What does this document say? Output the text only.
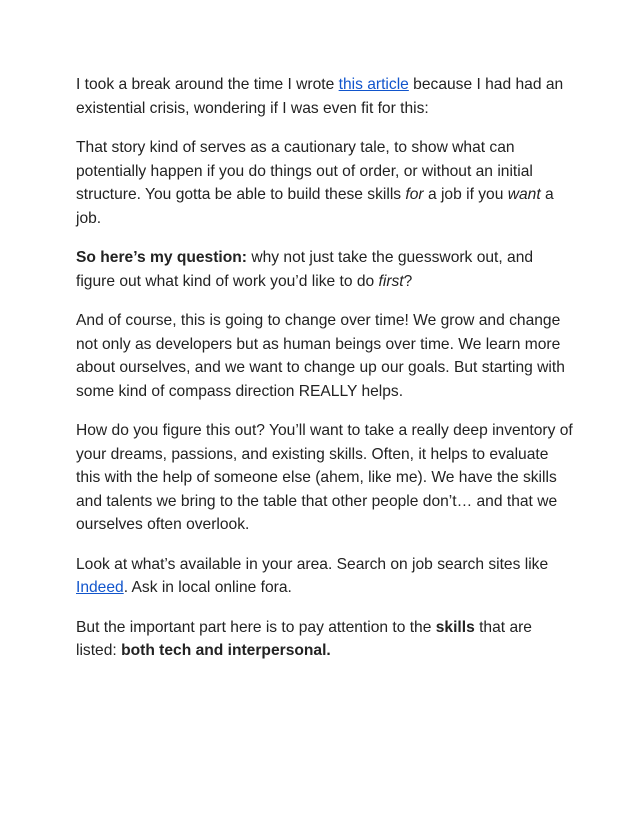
I took a break around the time I wrote this article because I had had an existential crisis, wondering if I was even fit for this:

That story kind of serves as a cautionary tale, to show what can potentially happen if you do things out of order, or without an initial structure. You gotta be able to build these skills for a job if you want a job.

So here’s my question: why not just take the guesswork out, and figure out what kind of work you’d like to do first?

And of course, this is going to change over time! We grow and change not only as developers but as human beings over time. We learn more about ourselves, and we want to change up our goals. But starting with some kind of compass direction REALLY helps.

How do you figure this out? You’ll want to take a really deep inventory of your dreams, passions, and existing skills. Often, it helps to evaluate this with the help of someone else (ahem, like me). We have the skills and talents we bring to the table that other people don’t… and that we ourselves often overlook.

Look at what’s available in your area. Search on job search sites like Indeed. Ask in local online fora.

But the important part here is to pay attention to the skills that are listed: both tech and interpersonal.
